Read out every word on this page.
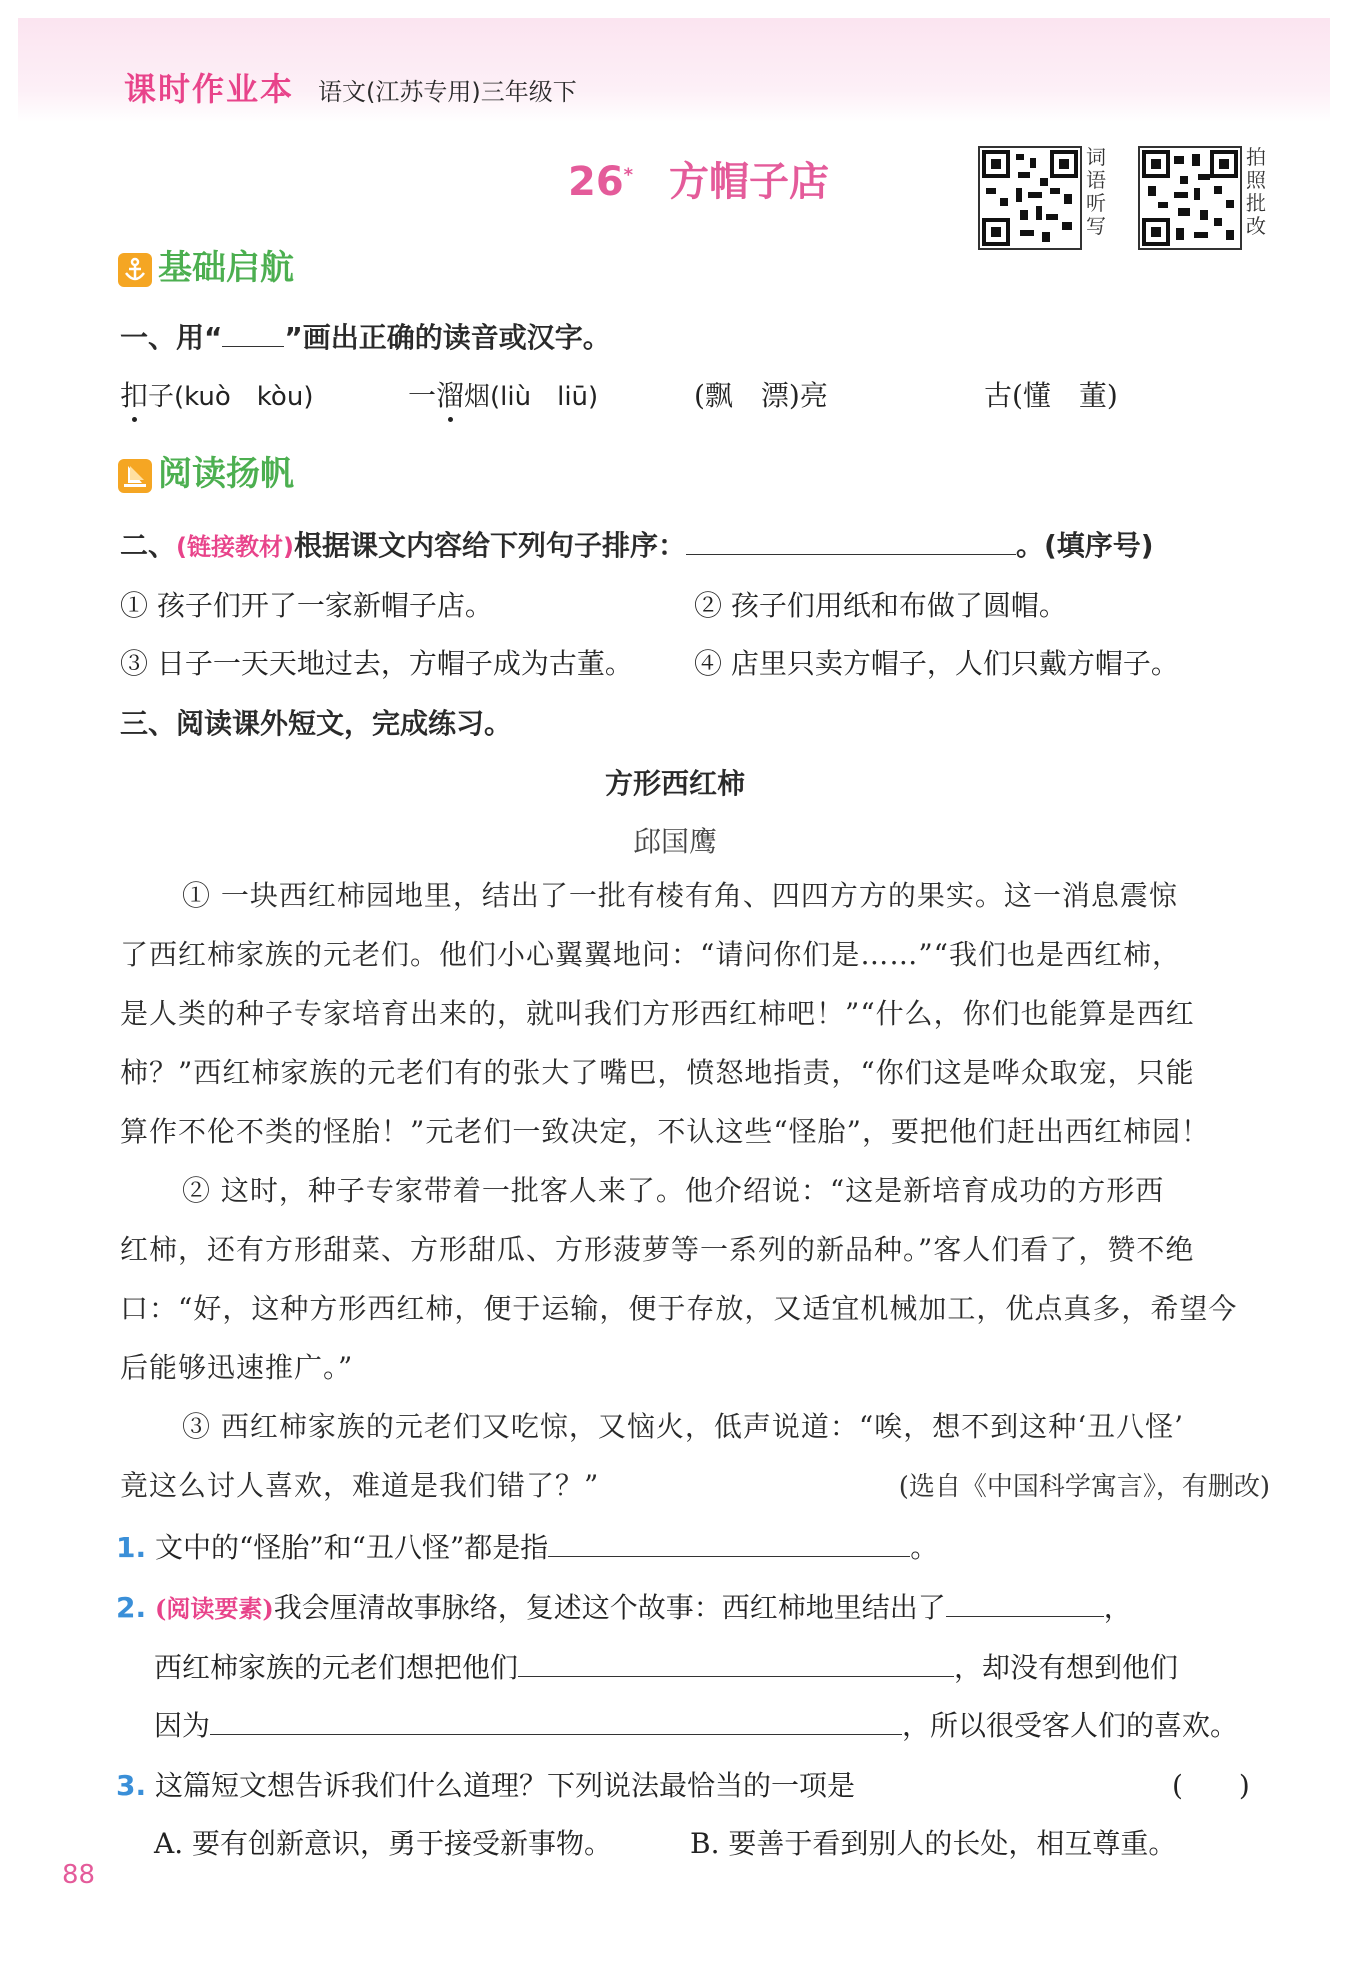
课时作业本 语文(江苏专用)三年级下
26* 方帽子店
词语听写
拍照批改
基础启航
一、用“ ”画出正确的读音或汉字。
扣子(kuò　kòu)	一溜烟(liù　liū)	(飘　漂)亮	古(懂　董)
阅读扬帆
二、(链接教材)根据课文内容给下列句子排序：	。(填序号)
① 孩子们开了一家新帽子店。	② 孩子们用纸和布做了圆帽。
③ 日子一天天地过去，方帽子成为古董。 ④ 店里只卖方帽子，人们只戴方帽子。
三、阅读课外短文，完成练习。
方形西红柿
邱国鹰
① 一块西红柿园地里，结出了一批有棱有角、四四方方的果实。这一消息震惊
了西红柿家族的元老们。他们小心翼翼地问：“请问你们是……”“我们也是西红柿，
是人类的种子专家培育出来的，就叫我们方形西红柿吧！”“什么，你们也能算是西红
柿？”西红柿家族的元老们有的张大了嘴巴，愤怒地指责，“你们这是哗众取宠，只能
算作不伦不类的怪胎！”元老们一致决定，不认这些“怪胎”，要把他们赶出西红柿园！
② 这时，种子专家带着一批客人来了。他介绍说：“这是新培育成功的方形西
红柿，还有方形甜菜、方形甜瓜、方形菠萝等一系列的新品种。”客人们看了，赞不绝
口：“好，这种方形西红柿，便于运输，便于存放，又适宜机械加工，优点真多，希望今
后能够迅速推广。”
③ 西红柿家族的元老们又吃惊，又恼火，低声说道：“唉，想不到这种‘丑八怪’
竟这么讨人喜欢，难道是我们错了？”	(选自《中国科学寓言》，有删改)
1. 文中的“怪胎”和“丑八怪”都是指	。
2. (阅读要素)我会厘清故事脉络，复述这个故事：西红柿地里结出了	，
西红柿家族的元老们想把他们	，却没有想到他们
因为	，所以很受客人们的喜欢。
3. 这篇短文想告诉我们什么道理？下列说法最恰当的一项是	(　　)
A. 要有创新意识，勇于接受新事物。	B. 要善于看到别人的长处，相互尊重。
88
